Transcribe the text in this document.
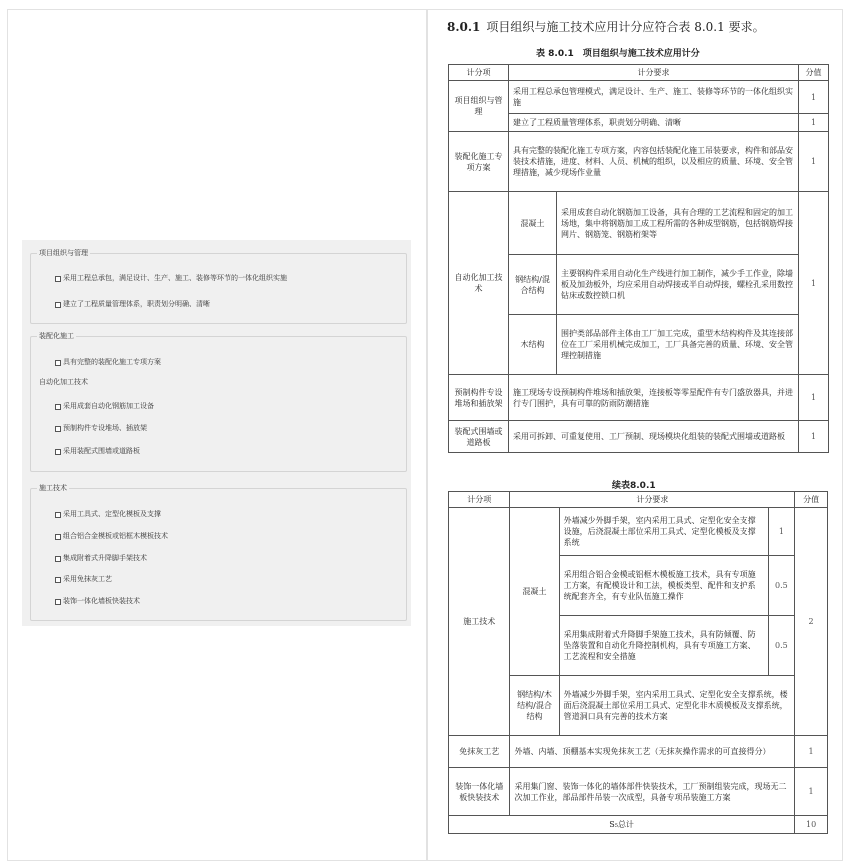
项目组织与管理
采用工程总承包，满足设计、生产、施工、装修等环节的一体化组织实施
建立了工程质量管理体系，职责划分明确、清晰
装配化施工
具有完整的装配化施工专项方案
自动化加工技术
采用成套自动化钢筋加工设备
预制构件专设堆场、插放架
采用装配式围墙或道路板
施工技术
采用工具式、定型化模板及支撑
组合铝合金模板或铝框木模板技术
集成附着式升降脚手架技术
采用免抹灰工艺
装饰一体化墙板快装技术
8.0.1 项目组织与施工技术应用计分应符合表 8.0.1 要求。
表 8.0.1　项目组织与施工技术应用计分
计分项	计分要求		分值
项目组织与管理	采用工程总承包管理模式，满足设计、生产、施工、装修等环节的一体化组织实施		1
	建立了工程质量管理体系，职责划分明确、清晰		1
装配化施工专项方案	具有完整的装配化施工专项方案，内容包括装配化施工吊装要求，构件和部品安装技术措施，进度、材料、人员、机械的组织，以及相应的质量、环境、安全管理措施，减少现场作业量		1
自动化加工技术	混凝土	采用成套自动化钢筋加工设备，具有合理的工艺流程和固定的加工场地，集中将钢筋加工成工程所需的各种成型钢筋，包括钢筋焊接网片、钢筋笼、钢筋桁架等	1
	钢结构/混合结构	主要钢构件采用自动化生产线进行加工制作，减少手工作业，除墙板及加劲板外，均应采用自动焊接或半自动焊接，螺栓孔采用数控钻床或数控锁口机	
	木结构	围护类部品部件主体由工厂加工完成，重型木结构构件及其连接部位在工厂采用机械完成加工，工厂具备完善的质量、环境、安全管理控制措施	
预制构件专设堆场和插放架	施工现场专设预制构件堆场和插放架，连接板等零星配件有专门盛放器具，并进行专门围护，具有可靠的防雨防潮措施		1
装配式围墙或道路板	采用可拆卸、可重复使用、工厂预制、现场模块化组装的装配式围墙或道路板		1
续表8.0.1
计分项	计分要求			分值
施工技术	混凝土	外墙减少外脚手架，室内采用工具式、定型化安全支撑设施，后浇混凝土部位采用工具式、定型化模板及支撑系统	1	2
		采用组合铝合金模或铝框木模板施工技术，具有专项施工方案，有配模设计和工法，模板类型、配件和支护系统配套齐全，有专业队伍施工操作	0.5	
		采用集成附着式升降脚手架施工技术，具有防倾覆、防坠落装置和自动化升降控制机构，具有专项施工方案、工艺流程和安全措施	0.5	
	钢结构/木结构/混合结构	外墙减少外脚手架，室内采用工具式、定型化安全支撑系统，楼面后浇混凝土部位采用工具式、定型化非木质模板及支撑系统，管道洞口具有完善的技术方案		
免抹灰工艺	外墙、内墙、顶棚基本实现免抹灰工艺（无抹灰操作需求的可直接得分）			1
装饰一体化墙板快装技术	采用集门窗、装饰一体化的墙体部件快装技术，工厂预制组装完成，现场无二次加工作业，部品部件吊装一次成型，具备专项吊装施工方案			1
S₅总计				10
